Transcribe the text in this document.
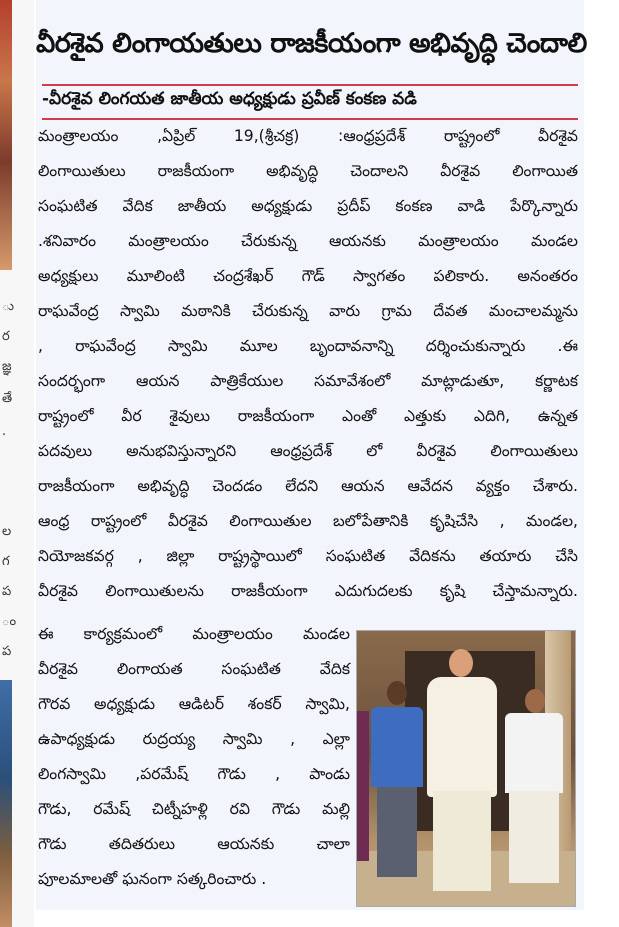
ు
ర
జ్ఞ
తే
.
ల
గ
ప
ం
ప
వీరశైవ లింగాయతులు రాజకీయంగా అభివృద్ధి చెందాలి
-వీరశైవ లింగయత జాతీయ అధ్యక్షుడు ప్రవీణ్ కంకణ వడి
మంత్రాలయం ,ఏప్రిల్ 19,(శ్రీచక్ర) :ఆంధ్రప్రదేశ్ రాష్ట్రంలో వీరశైవ
లింగాయితులు రాజకీయంగా అభివృద్ధి చెందాలని వీరశైవ లింగాయిత
సంఘటిత వేదిక జాతీయ అధ్యక్షుడు ప్రదీప్ కంకణ వాడి పేర్కొన్నారు
.శనివారం మంత్రాలయం చేరుకున్న ఆయనకు మంత్రాలయం మండల
అధ్యక్షులు మూలింటి చంద్రశేఖర్ గౌడ్ స్వాగతం పలికారు. అనంతరం
రాఘవేంద్ర స్వామి మఠానికి చేరుకున్న వారు గ్రామ దేవత మంచాలమ్మను
, రాఘవేంద్ర స్వామి మూల బృందావనాన్ని దర్శించుకున్నారు .ఈ
సందర్భంగా ఆయన పాత్రికేయుల సమావేశంలో మాట్లాడుతూ, కర్ణాటక
రాష్ట్రంలో వీర శైవులు రాజకీయంగా ఎంతో ఎత్తుకు ఎదిగి, ఉన్నత
పదవులు అనుభవిస్తున్నారని ఆంధ్రప్రదేశ్ లో వీరశైవ లింగాయితులు
రాజకీయంగా అభివృద్ధి చెందడం లేదని ఆయన ఆవేదన వ్యక్తం చేశారు.
ఆంధ్ర రాష్ట్రంలో వీరశైవ లింగాయితుల బలోపేతానికి కృషిచేసి , మండల,
నియోజకవర్గ , జిల్లా రాష్ట్రస్థాయిలో సంఘటిత వేదికను తయారు చేసి
వీరశైవ లింగాయితులను రాజకీయంగా ఎదుగుదలకు కృషి చేస్తామన్నారు.
ఈ కార్యక్రమంలో మంత్రాలయం మండల
వీరశైవ లింగాయత సంఘటిత వేదిక
గౌరవ అధ్యక్షుడు ఆడిటర్ శంకర్ స్వామి,
ఉపాధ్యక్షుడు రుద్రయ్య స్వామి , ఎల్లా
లింగస్వామి ,పరమేష్ గౌడు , పాండు
గౌడు, రమేష్ చిట్నీహళ్లి రవి గౌడు మల్లి
గౌడు తదితరులు ఆయనకు చాలా
పూలమాలతో ఘనంగా సత్కరించారు .
